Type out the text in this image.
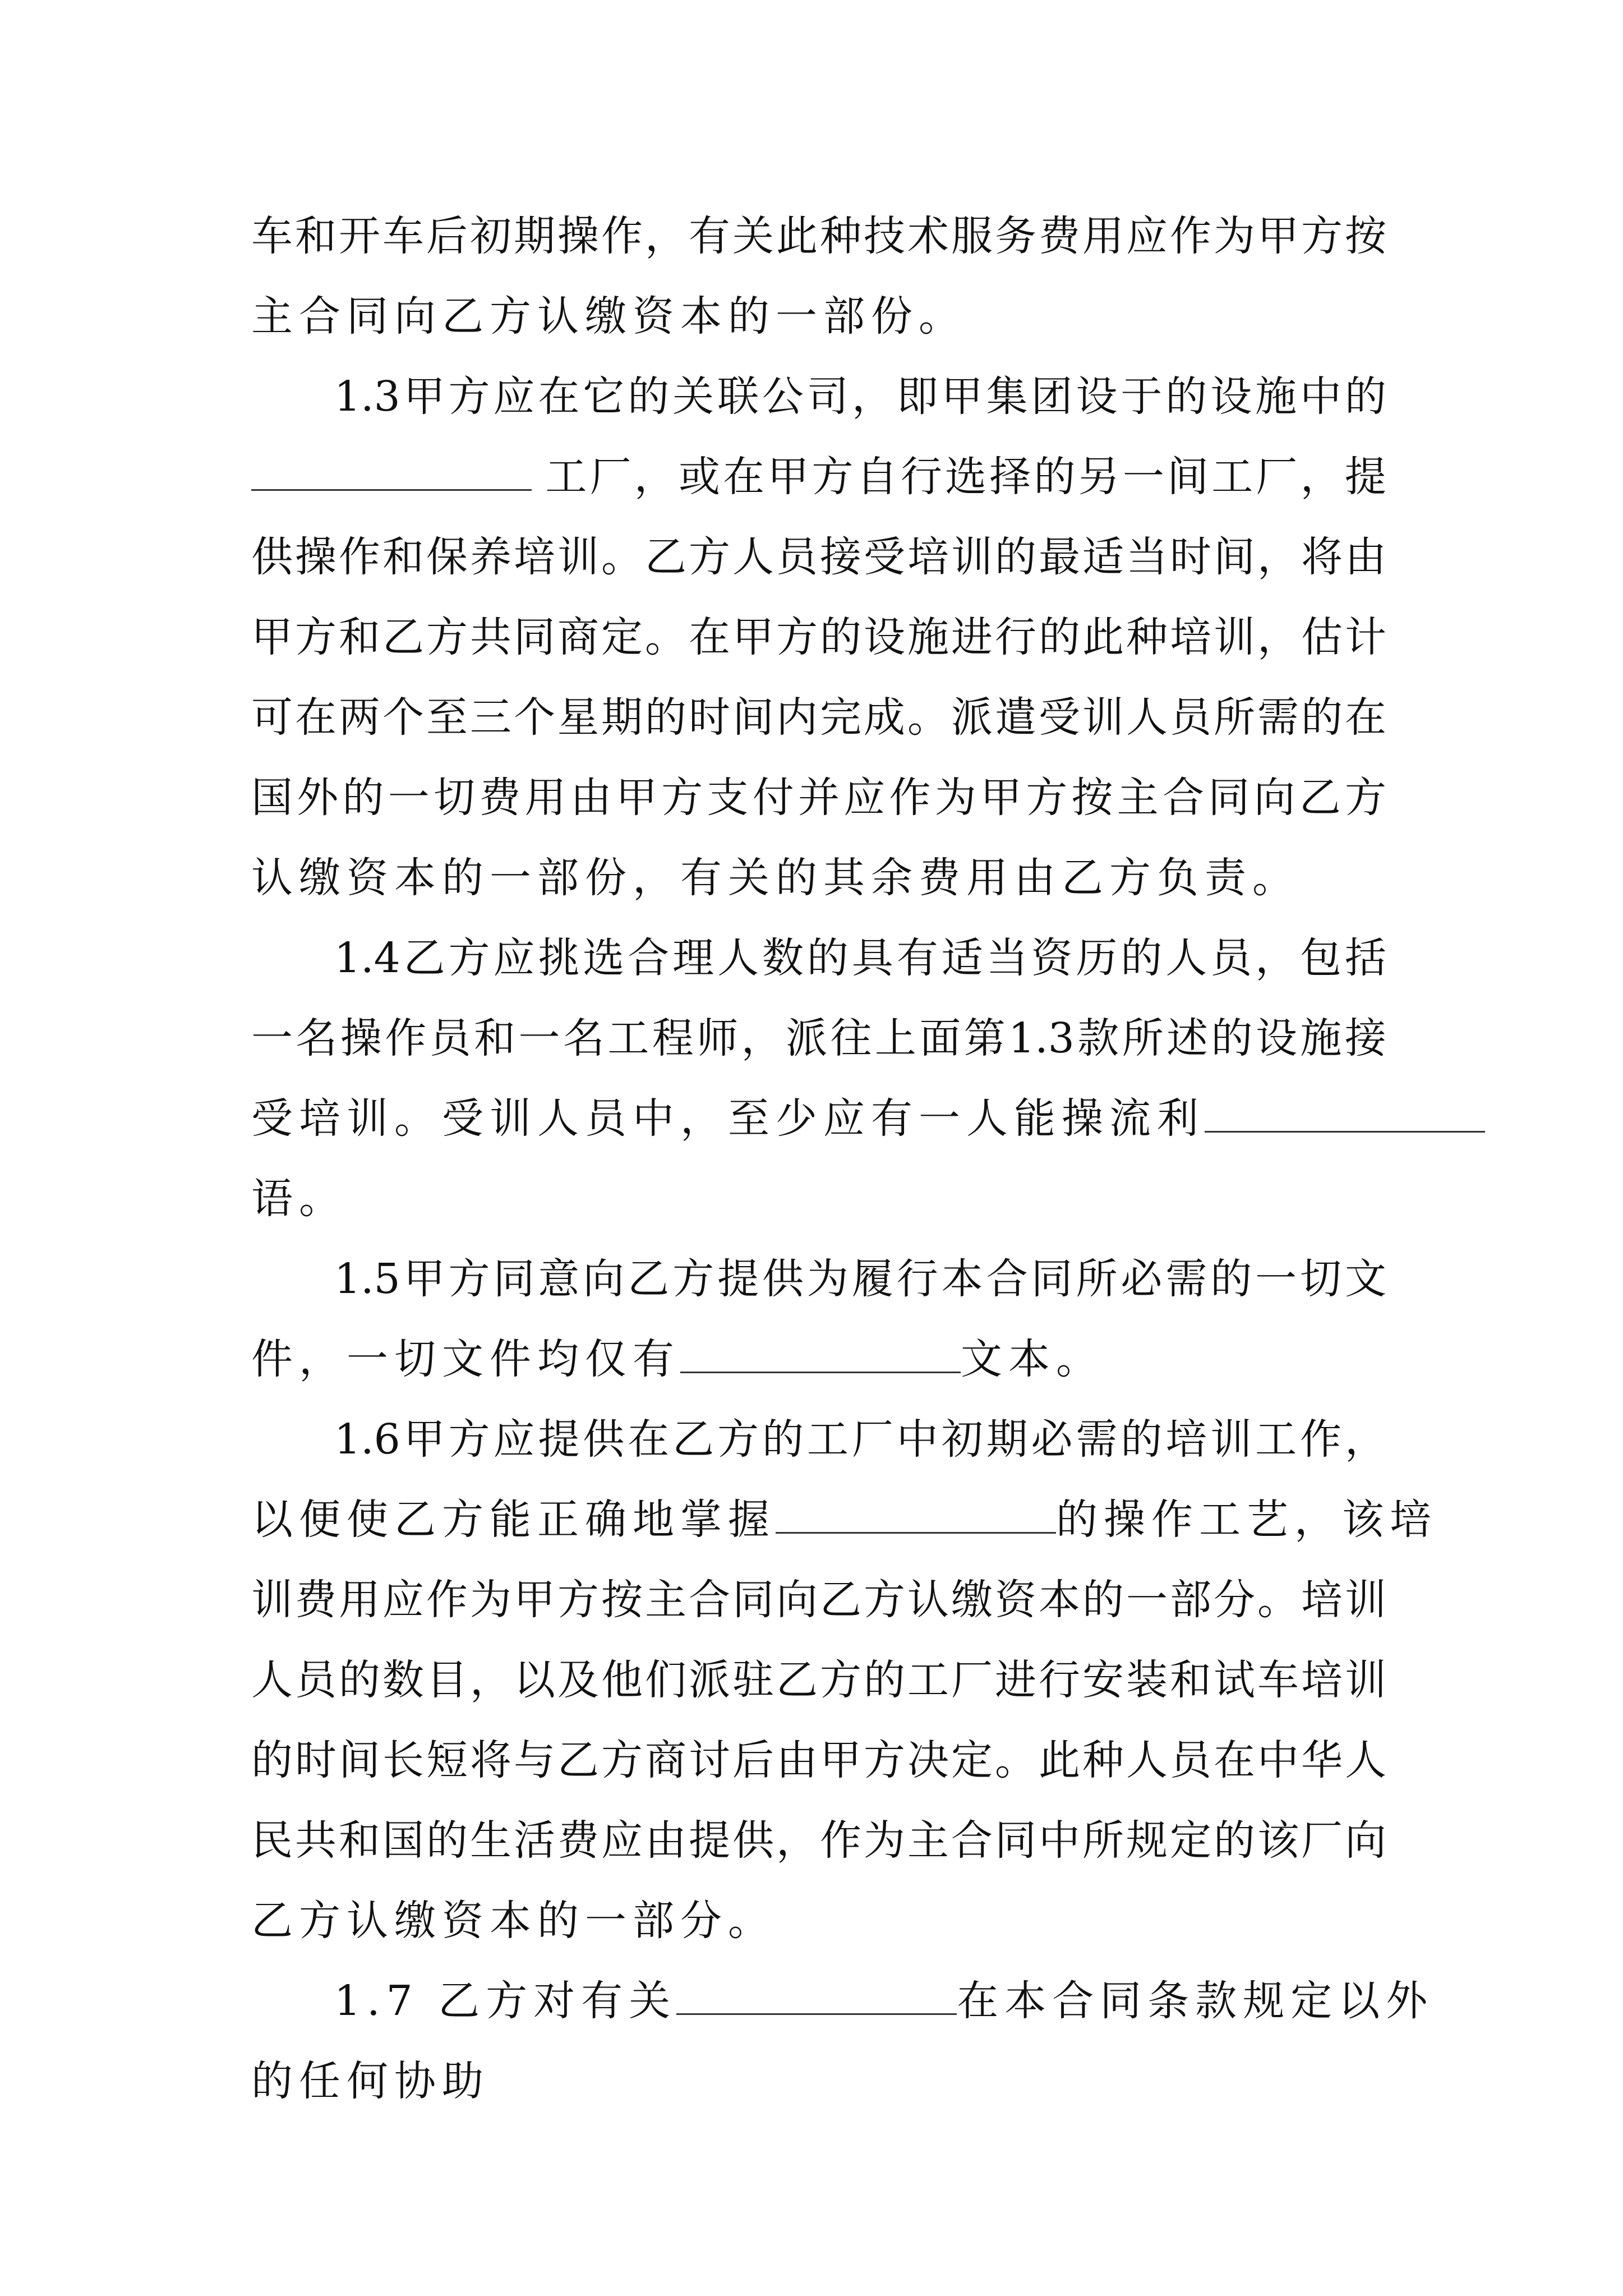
车 和 开 车 后 初 期 操 作 ， 有 关 此 种 技 术 服 务 费 用 应 作 为 甲 方 按
主合同向乙方认缴资本的一部份。
1.3 甲 方 应 在 它 的 关 联 公 司 ， 即 甲 集 团 设 于 的 设 施 中 的
工 厂 ， 或 在 甲 方 自 行 选 择 的 另 一 间 工 厂 ， 提
供 操 作 和 保 养 培 训 。 乙 方 人 员 接 受 培 训 的 最 适 当 时 间 ， 将 由
甲 方 和 乙 方 共 同 商 定 。 在 甲 方 的 设 施 进 行 的 此 种 培 训 ， 估 计
可 在 两 个 至 三 个 星 期 的 时 间 内 完 成 。 派 遣 受 训 人 员 所 需 的 在
国 外 的 一 切 费 用 由 甲 方 支 付 并 应 作 为 甲 方 按 主 合 同 向 乙 方
认缴资本的一部份，有关的其余费用由乙方负责。
1.4 乙 方 应 挑 选 合 理 人 数 的 具 有 适 当 资 历 的 人 员 ， 包 括
一 名 操 作 员 和 一 名 工 程 师 ， 派 往 上 面 第 1.3 款 所 述 的 设 施 接
受培训。受训人员中，至少应有一人能操流利
语。
1.5 甲 方 同 意 向 乙 方 提 供 为 履 行 本 合 同 所 必 需 的 一 切 文
件，一切文件均仅有	文本。
1.6 甲 方 应 提 供 在 乙 方 的 工 厂 中 初 期 必 需 的 培 训 工 作 ，
以便使乙方能正确地掌握	的操作工艺，该培
训 费 用 应 作 为 甲 方 按 主 合 同 向 乙 方 认 缴 资 本 的 一 部 分 。 培 训
人 员 的 数 目 ， 以 及 他 们 派 驻 乙 方 的 工 厂 进 行 安 装 和 试 车 培 训
的 时 间 长 短 将 与 乙 方 商 讨 后 由 甲 方 决 定 。 此 种 人 员 在 中 华 人
民 共 和 国 的 生 活 费 应 由 提 供 ， 作 为 主 合 同 中 所 规 定 的 该 厂 向
乙方认缴资本的一部分。
1.7 乙方对有关	在本合同条款规定以外
的任何协助
